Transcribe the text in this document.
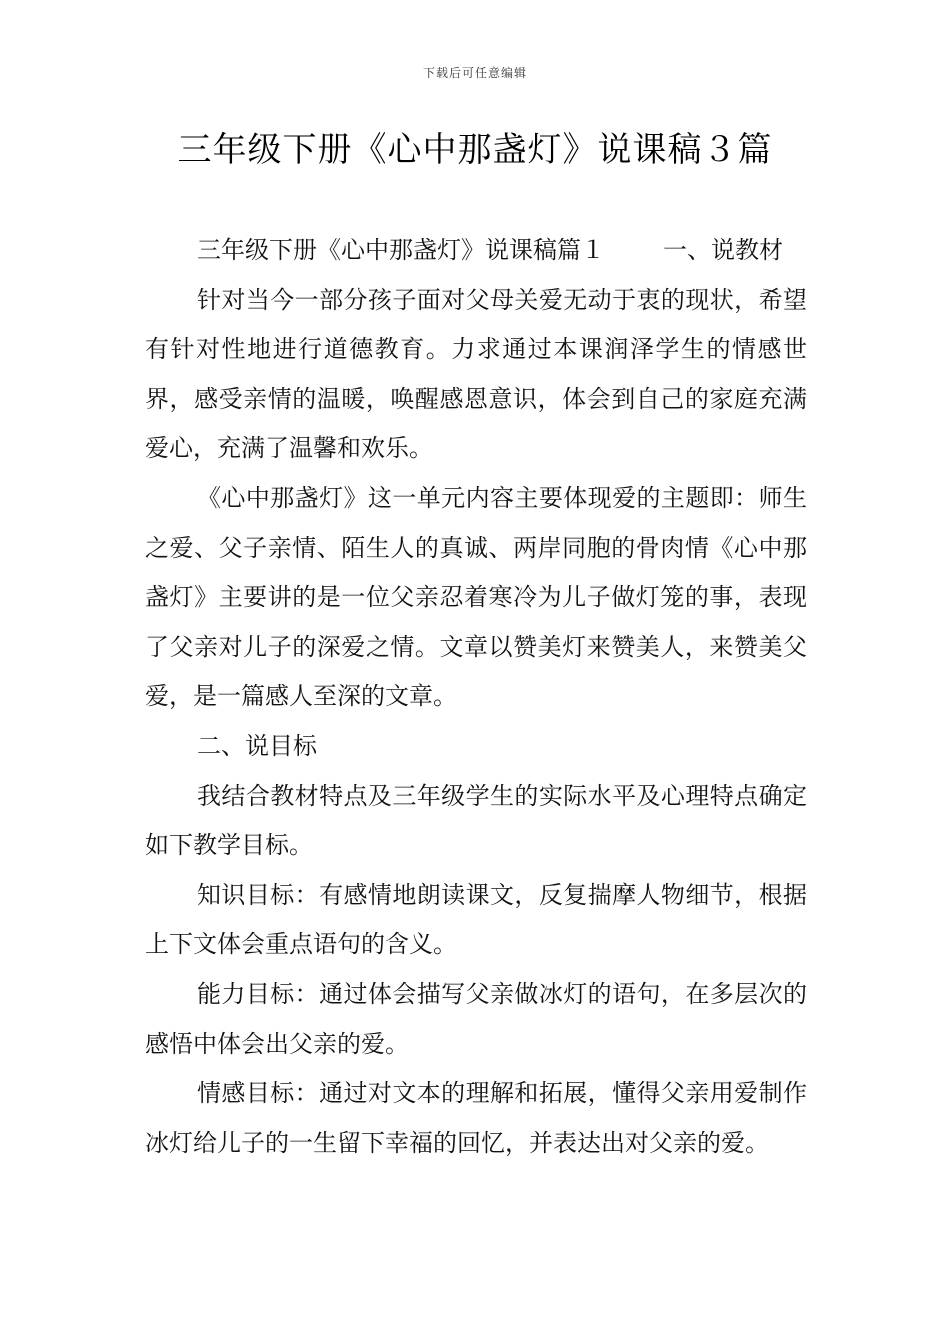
下载后可任意编辑
三年级下册《心中那盏灯》说课稿３篇

三年级下册《心中那盏灯》说课稿篇１ 一、说教材

针对当今一部分孩子面对父母关爱无动于衷的现状，希望有针对性地进行道德教育。力求通过本课润泽学生的情感世界，感受亲情的温暖，唤醒感恩意识，体会到自己的家庭充满爱心，充满了温馨和欢乐。

《心中那盏灯》这一单元内容主要体现爱的主题即：师生之爱、父子亲情、陌生人的真诚、两岸同胞的骨肉情《心中那盏灯》主要讲的是一位父亲忍着寒冷为儿子做灯笼的事，表现了父亲对儿子的深爱之情。文章以赞美灯来赞美人，来赞美父爱，是一篇感人至深的文章。

二、说目标

我结合教材特点及三年级学生的实际水平及心理特点确定如下教学目标。

知识目标：有感情地朗读课文，反复揣摩人物细节，根据上下文体会重点语句的含义。

能力目标：通过体会描写父亲做冰灯的语句，在多层次的感悟中体会出父亲的爱。

情感目标：通过对文本的理解和拓展，懂得父亲用爱制作冰灯给儿子的一生留下幸福的回忆，并表达出对父亲的爱。
